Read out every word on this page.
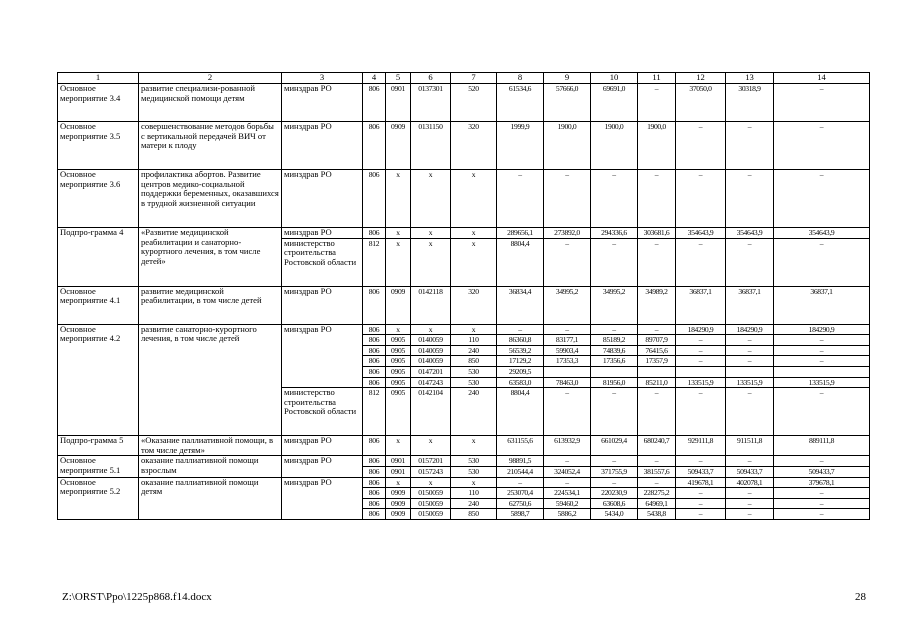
1	2	3	4	5	6	7	8	9	10	11	12	13	14
Основное мероприятие 3.4	развитие специализи-рованной медицинской помощи детям	минздрав РО	806	0901	0137301	520	61534,6	57666,0	69691,0	–	37050,0	30318,9	–
Основное мероприятие 3.5	совершенствование методов борьбы с вертикальной передачей ВИЧ от матери к плоду	минздрав РО	806	0909	0131150	320	1999,9	1900,0	1900,0	1900,0	–	–	–
Основное мероприятие 3.6	профилактика абортов. Развитие центров медико-социальной поддержки беременных, оказавшихся в трудной жизненной ситуации	минздрав РО	806	х	х	х	–	–	–	–	–	–	–
Подпро-грамма 4	«Развитие медицинской реабилитации и санаторно-курортного лечения, в том числе детей»	минздрав РО	806	х	х	х	289656,1	273892,0	294336,6	303681,6	354643,9	354643,9	354643,9
		министерство строительства Ростовской области	812	х	х	х	8804,4	–	–	–	–	–	–
Основное мероприятие 4.1	развитие медицинской реабилитации, в том числе детей	минздрав РО	806	0909	0142118	320	36834,4	34995,2	34995,2	34989,2	36837,1	36837,1	36837,1
Основное мероприятие 4.2	развитие санаторно-курортного лечения, в том числе детей	минздрав РО	806	х	х	х	–	–	–	–	184290,9	184290,9	184290,9
			806	0905	0140059	110	86360,8	83177,1	85189,2	89707,9	–	–	–
			806	0905	0140059	240	56539,2	59903,4	74839,6	76415,6	–	–	–
			806	0905	0140059	850	17129,2	17353,3	17356,6	17357,9	–	–	–
			806	0905	0147201	530	29209,5						
			806	0905	0147243	530	63583,0	78463,0	81956,0	85211,0	133515,9	133515,9	133515,9
		министерство строительства Ростовской области	812	0905	0142104	240	8804,4	–	–	–	–	–	–
Подпро-грамма 5	«Оказание паллиативной помощи, в том числе детям»	минздрав РО	806	х	х	х	631155,6	613932,9	661029,4	680240,7	929111,8	911511,8	889111,8
Основное мероприятие 5.1	оказание паллиативной помощи взрослым	минздрав РО	806	0901	0157201	530	98891,5	–	–	–	–	–	–
			806	0901	0157243	530	210544,4	324052,4	371755,9	381557,6	509433,7	509433,7	509433,7
Основное мероприятие 5.2	оказание паллиативной помощи детям	минздрав РО	806	х	х	х	–	–	–	–	419678,1	402078,1	379678,1
			806	0909	0150059	110	253070,4	224534,1	220230,9	228275,2	–	–	–
			806	0909	0150059	240	62750,6	59460,2	63608,6	64969,1	–	–	–
			806	0909	0150059	850	5898,7	5886,2	5434,0	5438,8	–	–	–
Z:\ORST\Ppo\1225p868.f14.docx	28
